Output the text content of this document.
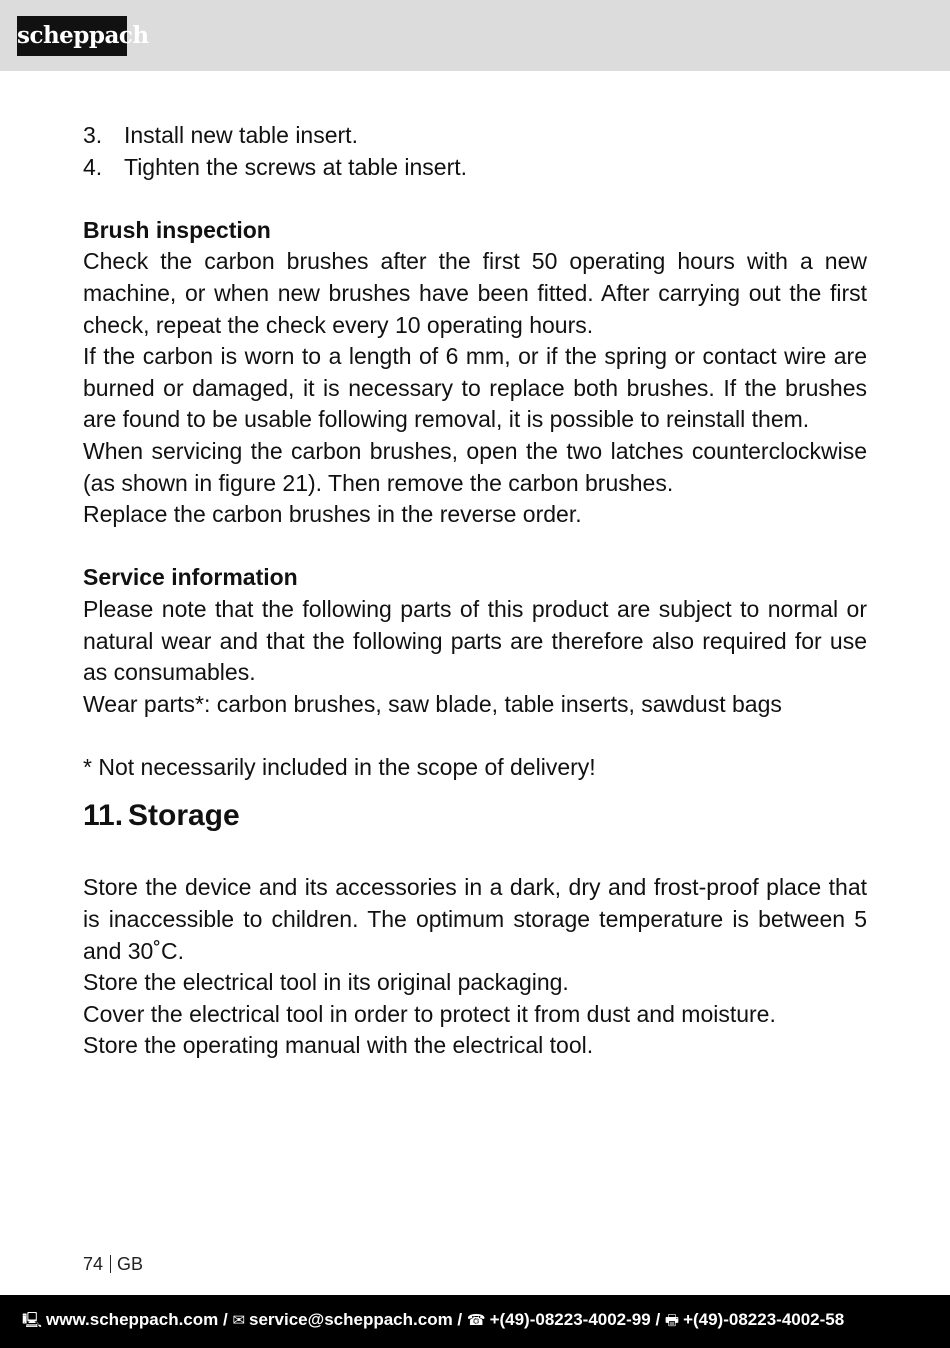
scheppach
3. Install new table insert.
4. Tighten the screws at table insert.
Brush inspection

Check the carbon brushes after the first 50 operating hours with a new machine, or when new brushes have been fitted. After carrying out the first check, repeat the check every 10 operating hours.

If the carbon is worn to a length of 6 mm, or if the spring or contact wire are burned or damaged, it is necessary to replace both brushes. If the brushes are found to be usable following removal, it is possible to reinstall them.

When servicing the carbon brushes, open the two latches counterclockwise (as shown in figure 21). Then remove the carbon brushes.

Replace the carbon brushes in the reverse order.

Service information

Please note that the following parts of this product are subject to normal or natural wear and that the following parts are therefore also required for use as consumables.

Wear parts*: carbon brushes, saw blade, table inserts, sawdust bags

* Not necessarily included in the scope of delivery!

11. Storage

Store the device and its accessories in a dark, dry and frost-proof place that is inaccessible to children. The optimum storage temperature is between 5 and 30˚C.

Store the electrical tool in its original packaging.

Cover the electrical tool in order to protect it from dust and moisture.

Store the operating manual with the electrical tool.

74 GB
🖳 www.scheppach.com / ✉ service@scheppach.com / ☎ +(49)-08223-4002-99 / 🖶 +(49)-08223-4002-58
